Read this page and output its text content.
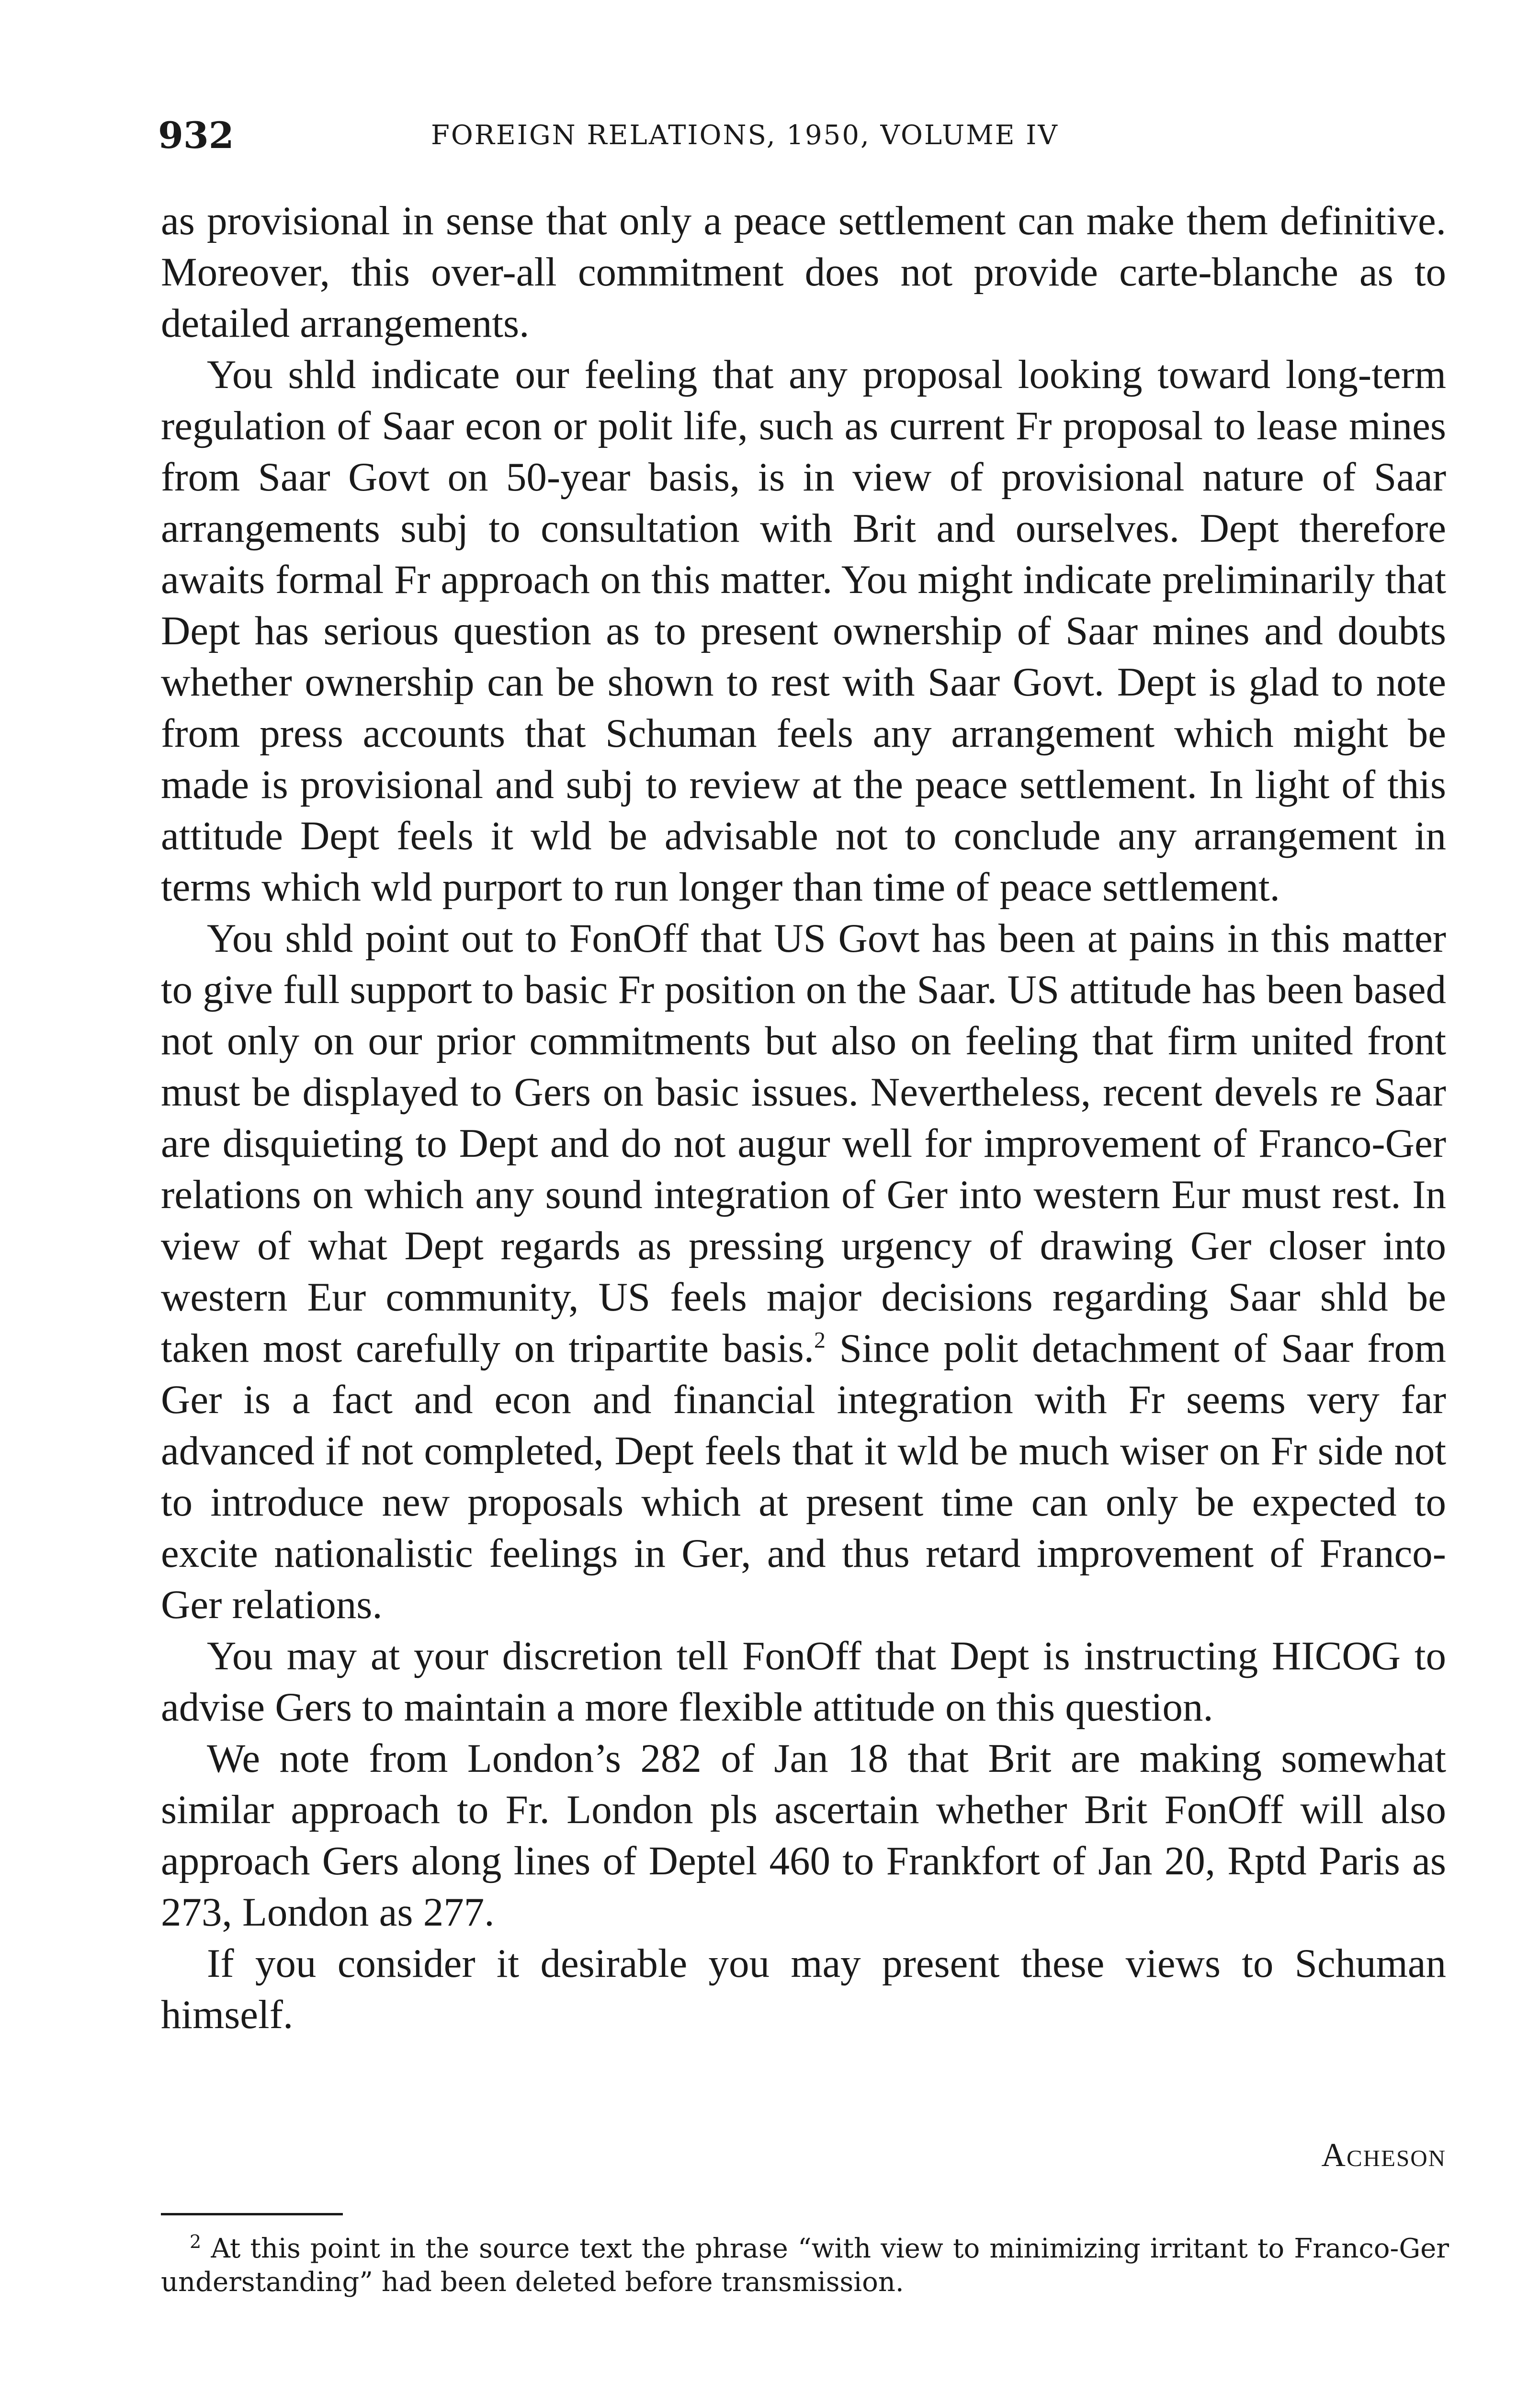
932	FOREIGN RELATIONS, 1950, VOLUME IV

as provisional in sense that only a peace settlement can make them definitive. Moreover, this over-all commitment does not provide carte-blanche as to detailed arrangements.

You shld indicate our feeling that any proposal looking toward long-term regulation of Saar econ or polit life, such as current Fr proposal to lease mines from Saar Govt on 50-year basis, is in view of provisional nature of Saar arrangements subj to consultation with Brit and ourselves. Dept therefore awaits formal Fr approach on this matter. You might indicate preliminarily that Dept has serious question as to present ownership of Saar mines and doubts whether ownership can be shown to rest with Saar Govt. Dept is glad to note from press accounts that Schuman feels any arrangement which might be made is provisional and subj to review at the peace settlement. In light of this attitude Dept feels it wld be advisable not to conclude any arrangement in terms which wld purport to run longer than time of peace settlement.

You shld point out to FonOff that US Govt has been at pains in this matter to give full support to basic Fr position on the Saar. US attitude has been based not only on our prior commitments but also on feeling that firm united front must be displayed to Gers on basic issues. Nevertheless, recent devels re Saar are disquieting to Dept and do not augur well for improvement of Franco-Ger relations on which any sound integration of Ger into western Eur must rest. In view of what Dept regards as pressing urgency of drawing Ger closer into western Eur community, US feels major decisions regarding Saar shld be taken most carefully on tripartite basis.$^2$ Since polit detachment of Saar from Ger is a fact and econ and financial integration with Fr seems very far advanced if not completed, Dept feels that it wld be much wiser on Fr side not to introduce new proposals which at present time can only be expected to excite nationalistic feelings in Ger, and thus retard improvement of Franco-Ger relations.

You may at your discretion tell FonOff that Dept is instructing HICOG to advise Gers to maintain a more flexible attitude on this question.

We note from London’s 282 of Jan 18 that Brit are making somewhat similar approach to Fr. London pls ascertain whether Brit FonOff will also approach Gers along lines of Deptel 460 to Frankfort of Jan 20, Rptd Paris as 273, London as 277.

If you consider it desirable you may present these views to Schuman himself.

Acheson
$^2$ At this point in the source text the phrase “with view to minimizing irritant to Franco-Ger understanding” had been deleted before transmission.
